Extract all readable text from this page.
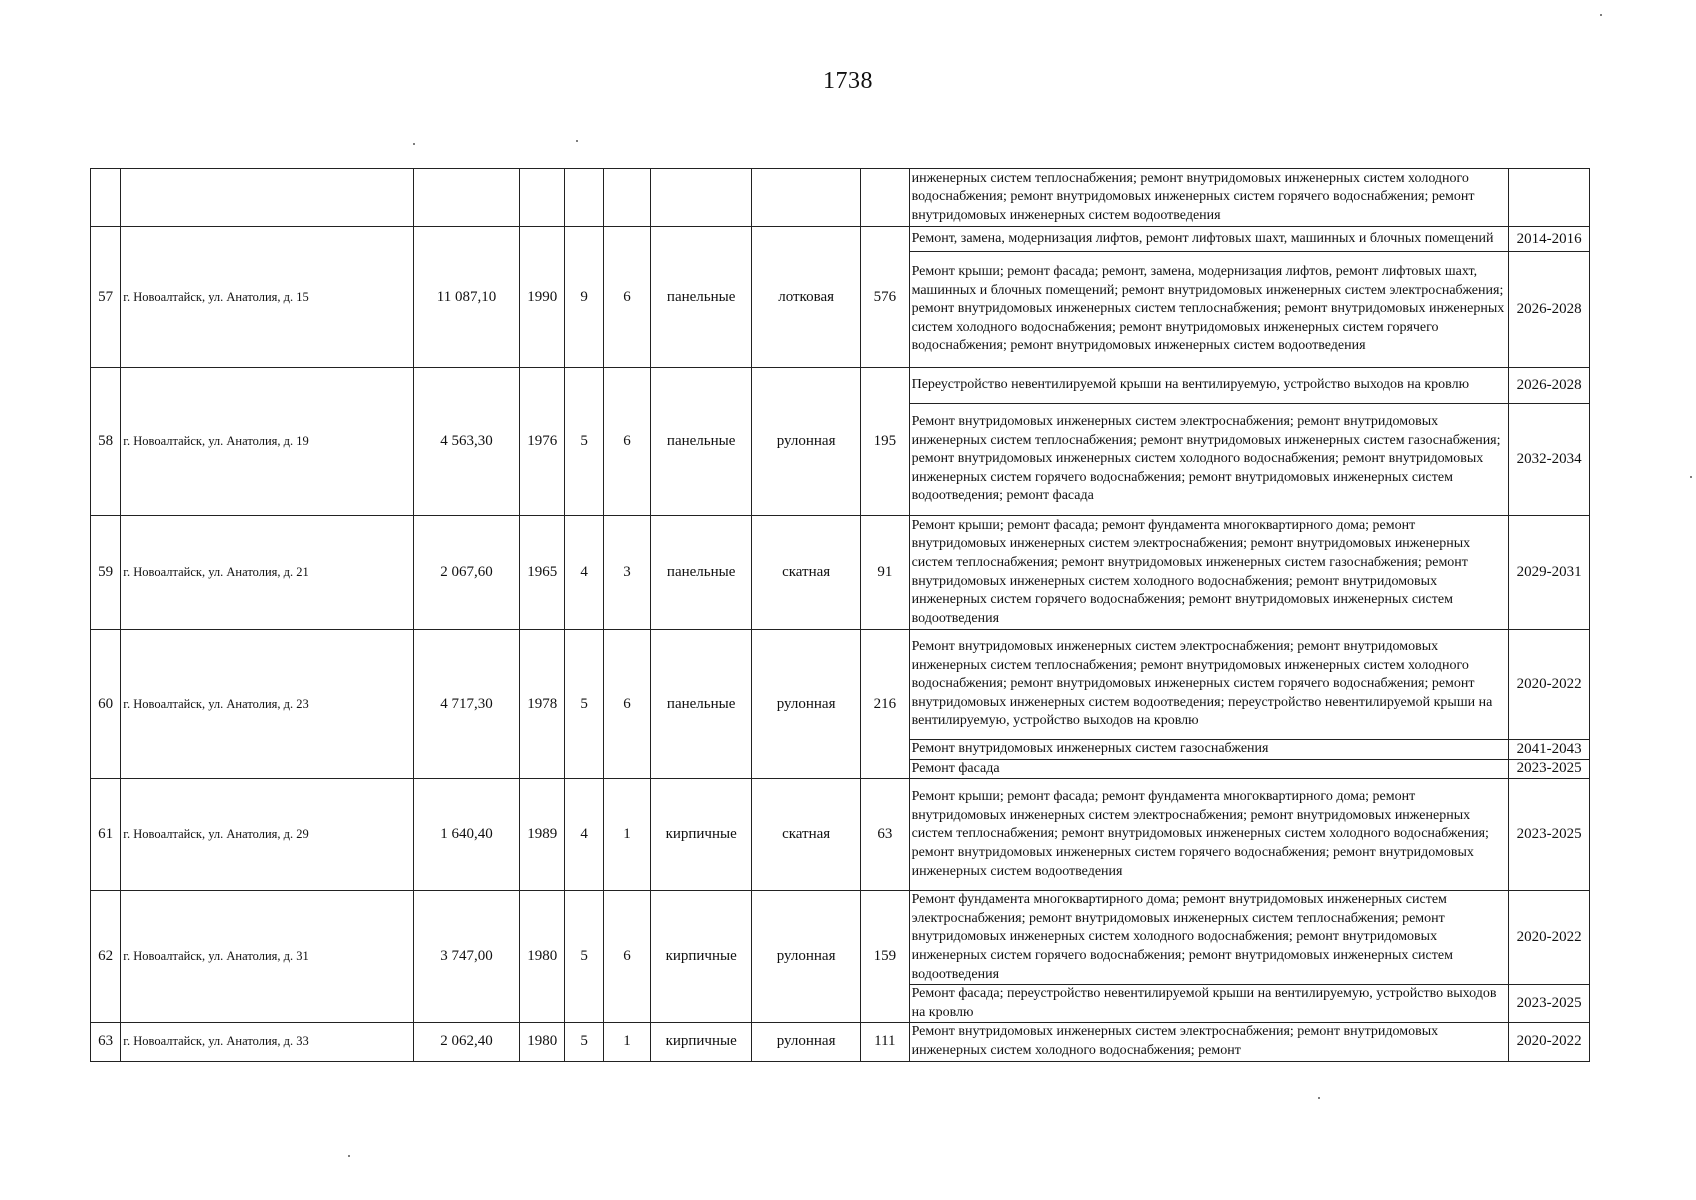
1738
									инженерных систем теплоснабжения; ремонт внутридомовых инженерных систем холодного водоснабжения; ремонт внутридомовых инженерных систем горячего водоснабжения; ремонт внутридомовых инженерных систем водоотведения	
57	г. Новоалтайск, ул. Анатолия, д. 15	11 087,10	1990	9	6	панельные	лотковая	576	Ремонт, замена, модернизация лифтов, ремонт лифтовых шахт, машинных и блочных помещений	2014-2016
									Ремонт крыши; ремонт фасада; ремонт, замена, модернизация лифтов, ремонт лифтовых шахт, машинных и блочных помещений; ремонт внутридомовых инженерных систем электроснабжения; ремонт внутридомовых инженерных систем теплоснабжения; ремонт внутридомовых инженерных систем холодного водоснабжения; ремонт внутридомовых инженерных систем горячего водоснабжения; ремонт внутридомовых инженерных систем водоотведения	2026-2028
58	г. Новоалтайск, ул. Анатолия, д. 19	4 563,30	1976	5	6	панельные	рулонная	195	Переустройство невентилируемой крыши на вентилируемую, устройство выходов на кровлю	2026-2028
									Ремонт внутридомовых инженерных систем электроснабжения; ремонт внутридомовых инженерных систем теплоснабжения; ремонт внутридомовых инженерных систем газоснабжения; ремонт внутридомовых инженерных систем холодного водоснабжения; ремонт внутридомовых инженерных систем горячего водоснабжения; ремонт внутридомовых инженерных систем водоотведения; ремонт фасада	2032-2034
59	г. Новоалтайск, ул. Анатолия, д. 21	2 067,60	1965	4	3	панельные	скатная	91	Ремонт крыши; ремонт фасада; ремонт фундамента многоквартирного дома; ремонт внутридомовых инженерных систем электроснабжения; ремонт внутридомовых инженерных систем теплоснабжения; ремонт внутридомовых инженерных систем газоснабжения; ремонт внутридомовых инженерных систем холодного водоснабжения; ремонт внутридомовых инженерных систем горячего водоснабжения; ремонт внутридомовых инженерных систем водоотведения	2029-2031
60	г. Новоалтайск, ул. Анатолия, д. 23	4 717,30	1978	5	6	панельные	рулонная	216	Ремонт внутридомовых инженерных систем электроснабжения; ремонт внутридомовых инженерных систем теплоснабжения; ремонт внутридомовых инженерных систем холодного водоснабжения; ремонт внутридомовых инженерных систем горячего водоснабжения; ремонт внутридомовых инженерных систем водоотведения; переустройство невентилируемой крыши на вентилируемую, устройство выходов на кровлю	2020-2022
									Ремонт внутридомовых инженерных систем газоснабжения	2041-2043
									Ремонт фасада	2023-2025
61	г. Новоалтайск, ул. Анатолия, д. 29	1 640,40	1989	4	1	кирпичные	скатная	63	Ремонт крыши; ремонт фасада; ремонт фундамента многоквартирного дома; ремонт внутридомовых инженерных систем электроснабжения; ремонт внутридомовых инженерных систем теплоснабжения; ремонт внутридомовых инженерных систем холодного водоснабжения; ремонт внутридомовых инженерных систем горячего водоснабжения; ремонт внутридомовых инженерных систем водоотведения	2023-2025
62	г. Новоалтайск, ул. Анатолия, д. 31	3 747,00	1980	5	6	кирпичные	рулонная	159	Ремонт фундамента многоквартирного дома; ремонт внутридомовых инженерных систем электроснабжения; ремонт внутридомовых инженерных систем теплоснабжения; ремонт внутридомовых инженерных систем холодного водоснабжения; ремонт внутридомовых инженерных систем горячего водоснабжения; ремонт внутридомовых инженерных систем водоотведения	2020-2022
									Ремонт фасада; переустройство невентилируемой крыши на вентилируемую, устройство выходов на кровлю	2023-2025
63	г. Новоалтайск, ул. Анатолия, д. 33	2 062,40	1980	5	1	кирпичные	рулонная	111	Ремонт внутридомовых инженерных систем электроснабжения; ремонт внутридомовых инженерных систем холодного водоснабжения; ремонт	2020-2022
